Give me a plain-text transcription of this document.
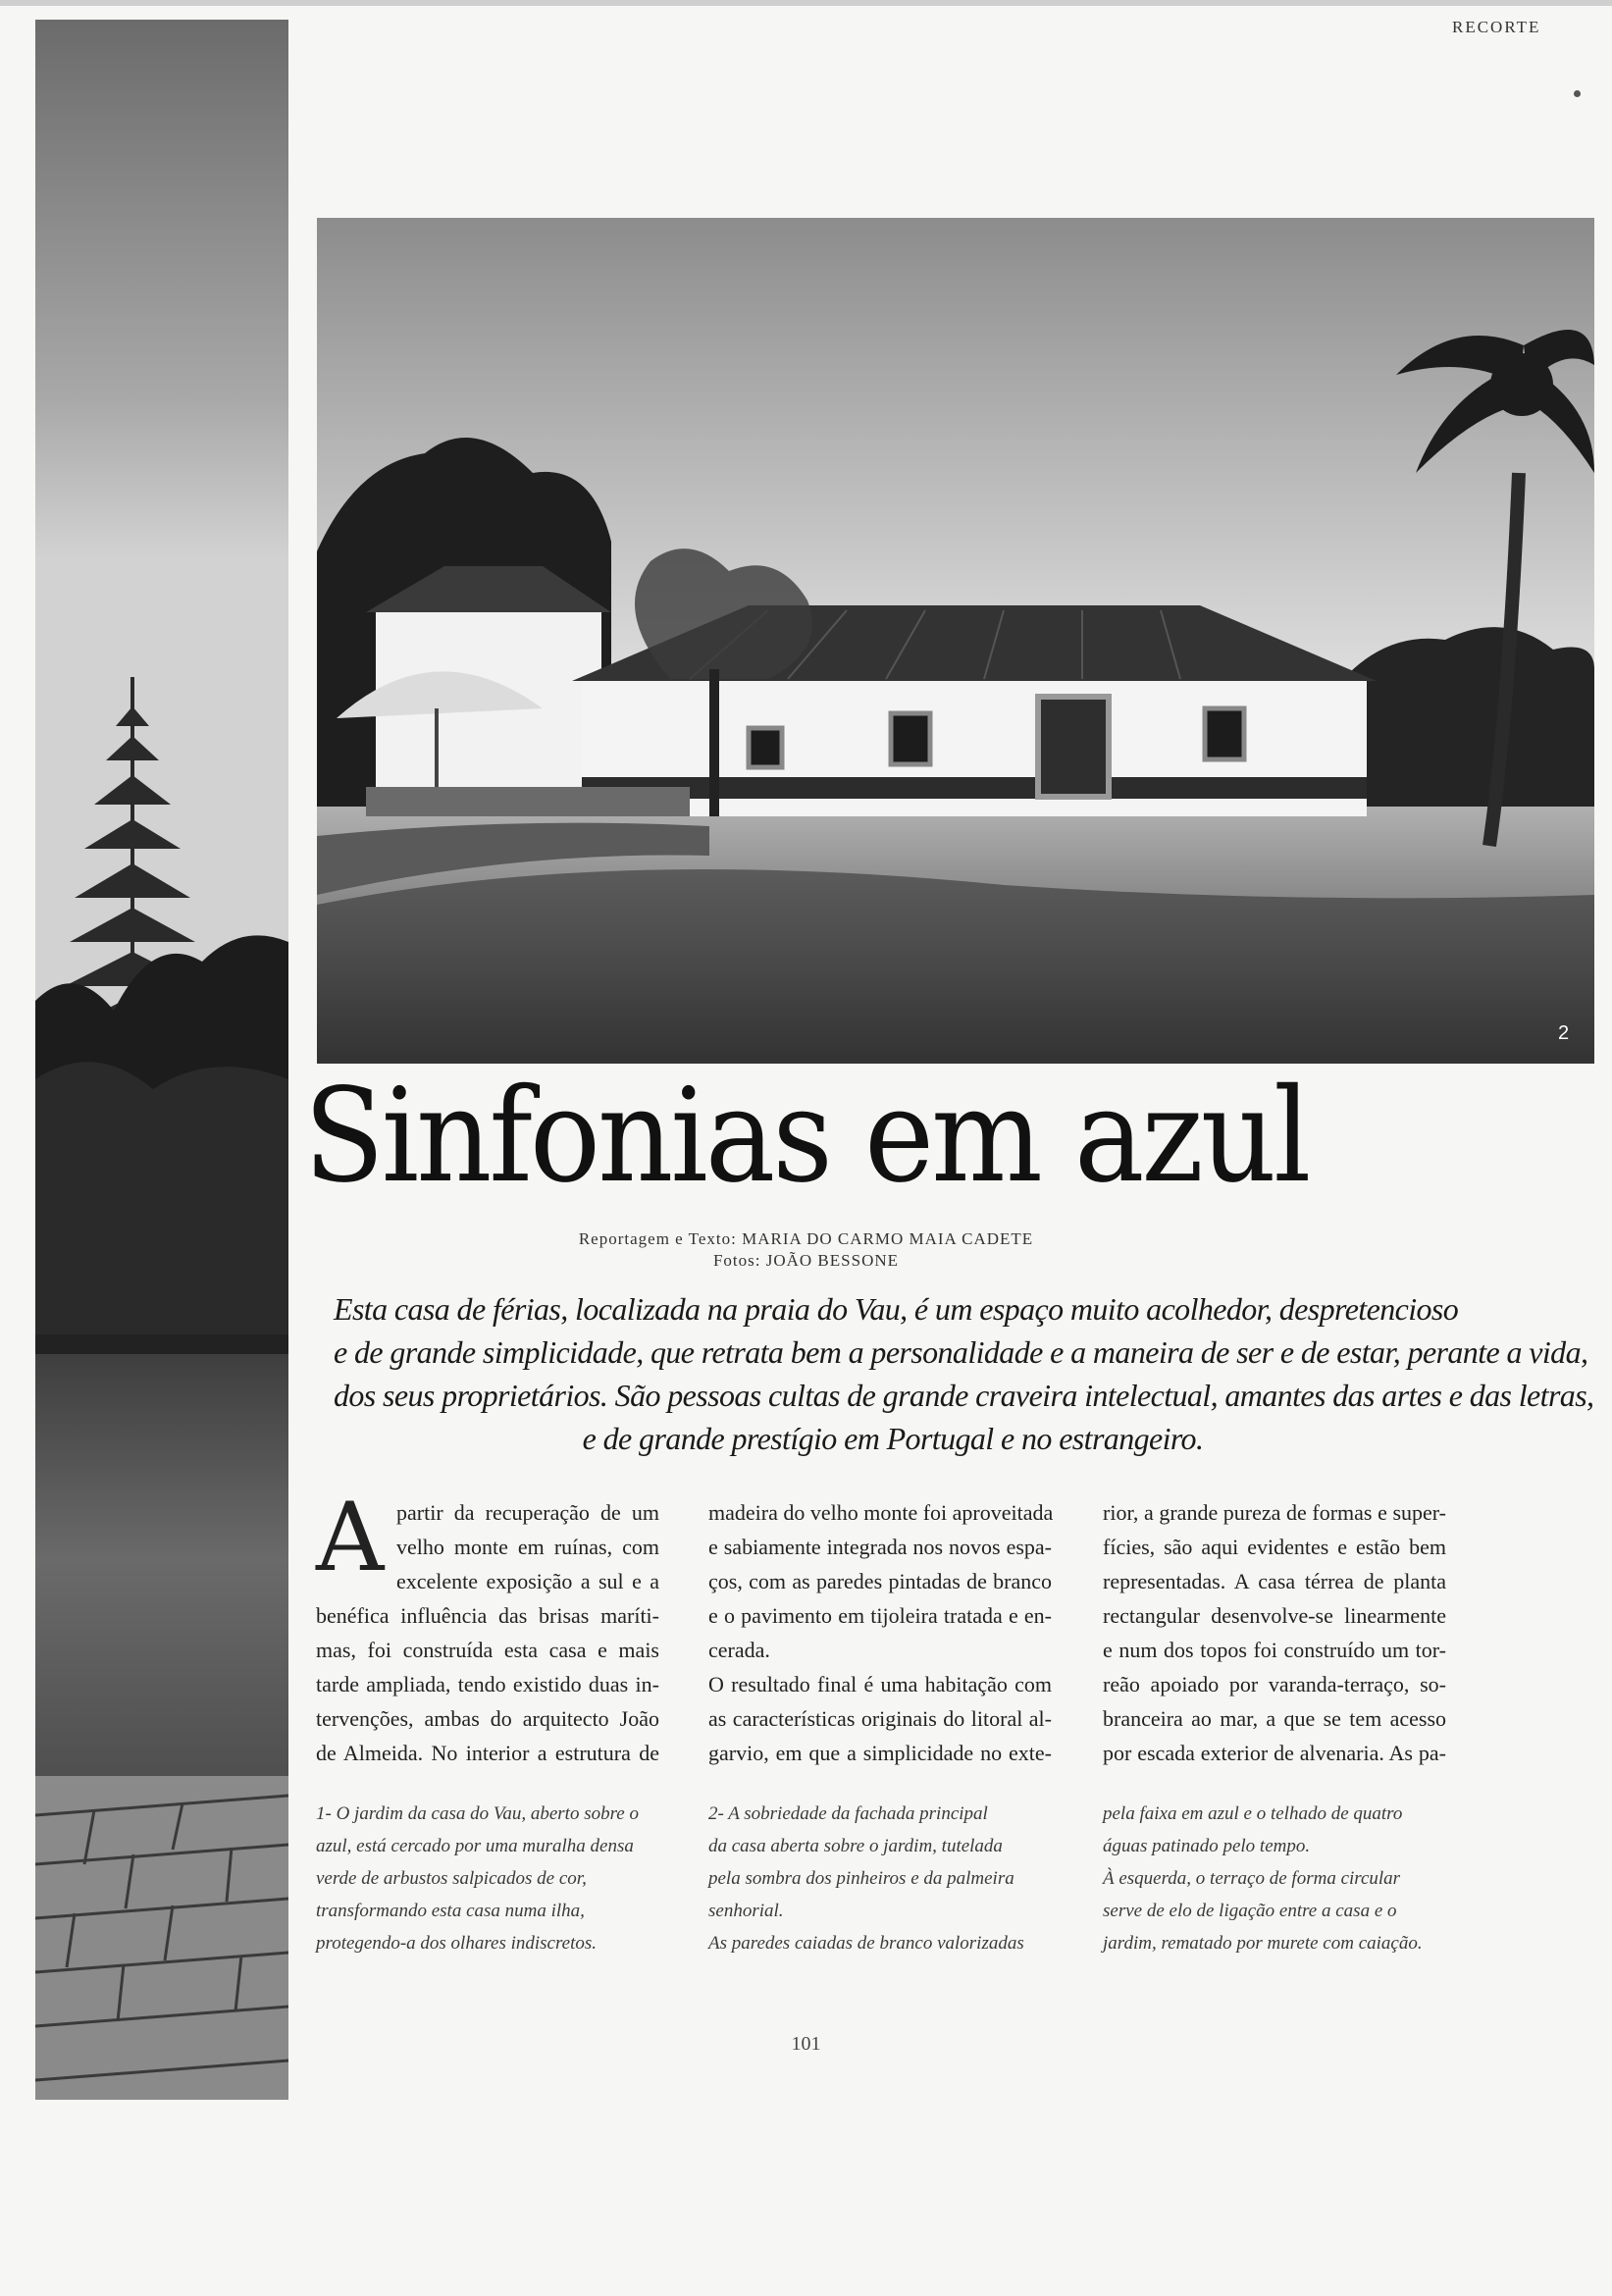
RECORTE
2
Sinfonias em azul
Reportagem e Texto: MARIA DO CARMO MAIA CADETE
Fotos: JOÃO BESSONE
Esta casa de férias, localizada na praia do Vau, é um espaço muito acolhedor, despretencioso
e de grande simplicidade, que retrata bem a personalidade e a maneira de ser e de estar, perante a vida,
dos seus proprietários. São pessoas cultas de grande craveira intelectual, amantes das artes e das letras,
e de grande prestígio em Portugal e no estrangeiro.
A partir da recuperação de um
velho monte em ruínas, com
excelente exposição a sul e a
benéfica influência das brisas maríti-
mas, foi construída esta casa e mais
tarde ampliada, tendo existido duas in-
tervenções, ambas do arquitecto João
de Almeida. No interior a estrutura de
madeira do velho monte foi aproveitada
e sabiamente integrada nos novos espa-
ços, com as paredes pintadas de branco
e o pavimento em tijoleira tratada e en-
cerada.
O resultado final é uma habitação com
as características originais do litoral al-
garvio, em que a simplicidade no exte-
rior, a grande pureza de formas e super-
fícies, são aqui evidentes e estão bem
representadas. A casa térrea de planta
rectangular desenvolve-se linearmente
e num dos topos foi construído um tor-
reão apoiado por varanda-terraço, so-
branceira ao mar, a que se tem acesso
por escada exterior de alvenaria. As pa-
1- O jardim da casa do Vau, aberto sobre o
azul, está cercado por uma muralha densa
verde de arbustos salpicados de cor,
transformando esta casa numa ilha,
protegendo-a dos olhares indiscretos.
2- A sobriedade da fachada principal
da casa aberta sobre o jardim, tutelada
pela sombra dos pinheiros e da palmeira
senhorial.
As paredes caiadas de branco valorizadas
pela faixa em azul e o telhado de quatro
águas patinado pelo tempo.
À esquerda, o terraço de forma circular
serve de elo de ligação entre a casa e o
jardim, rematado por murete com caiação.
101
